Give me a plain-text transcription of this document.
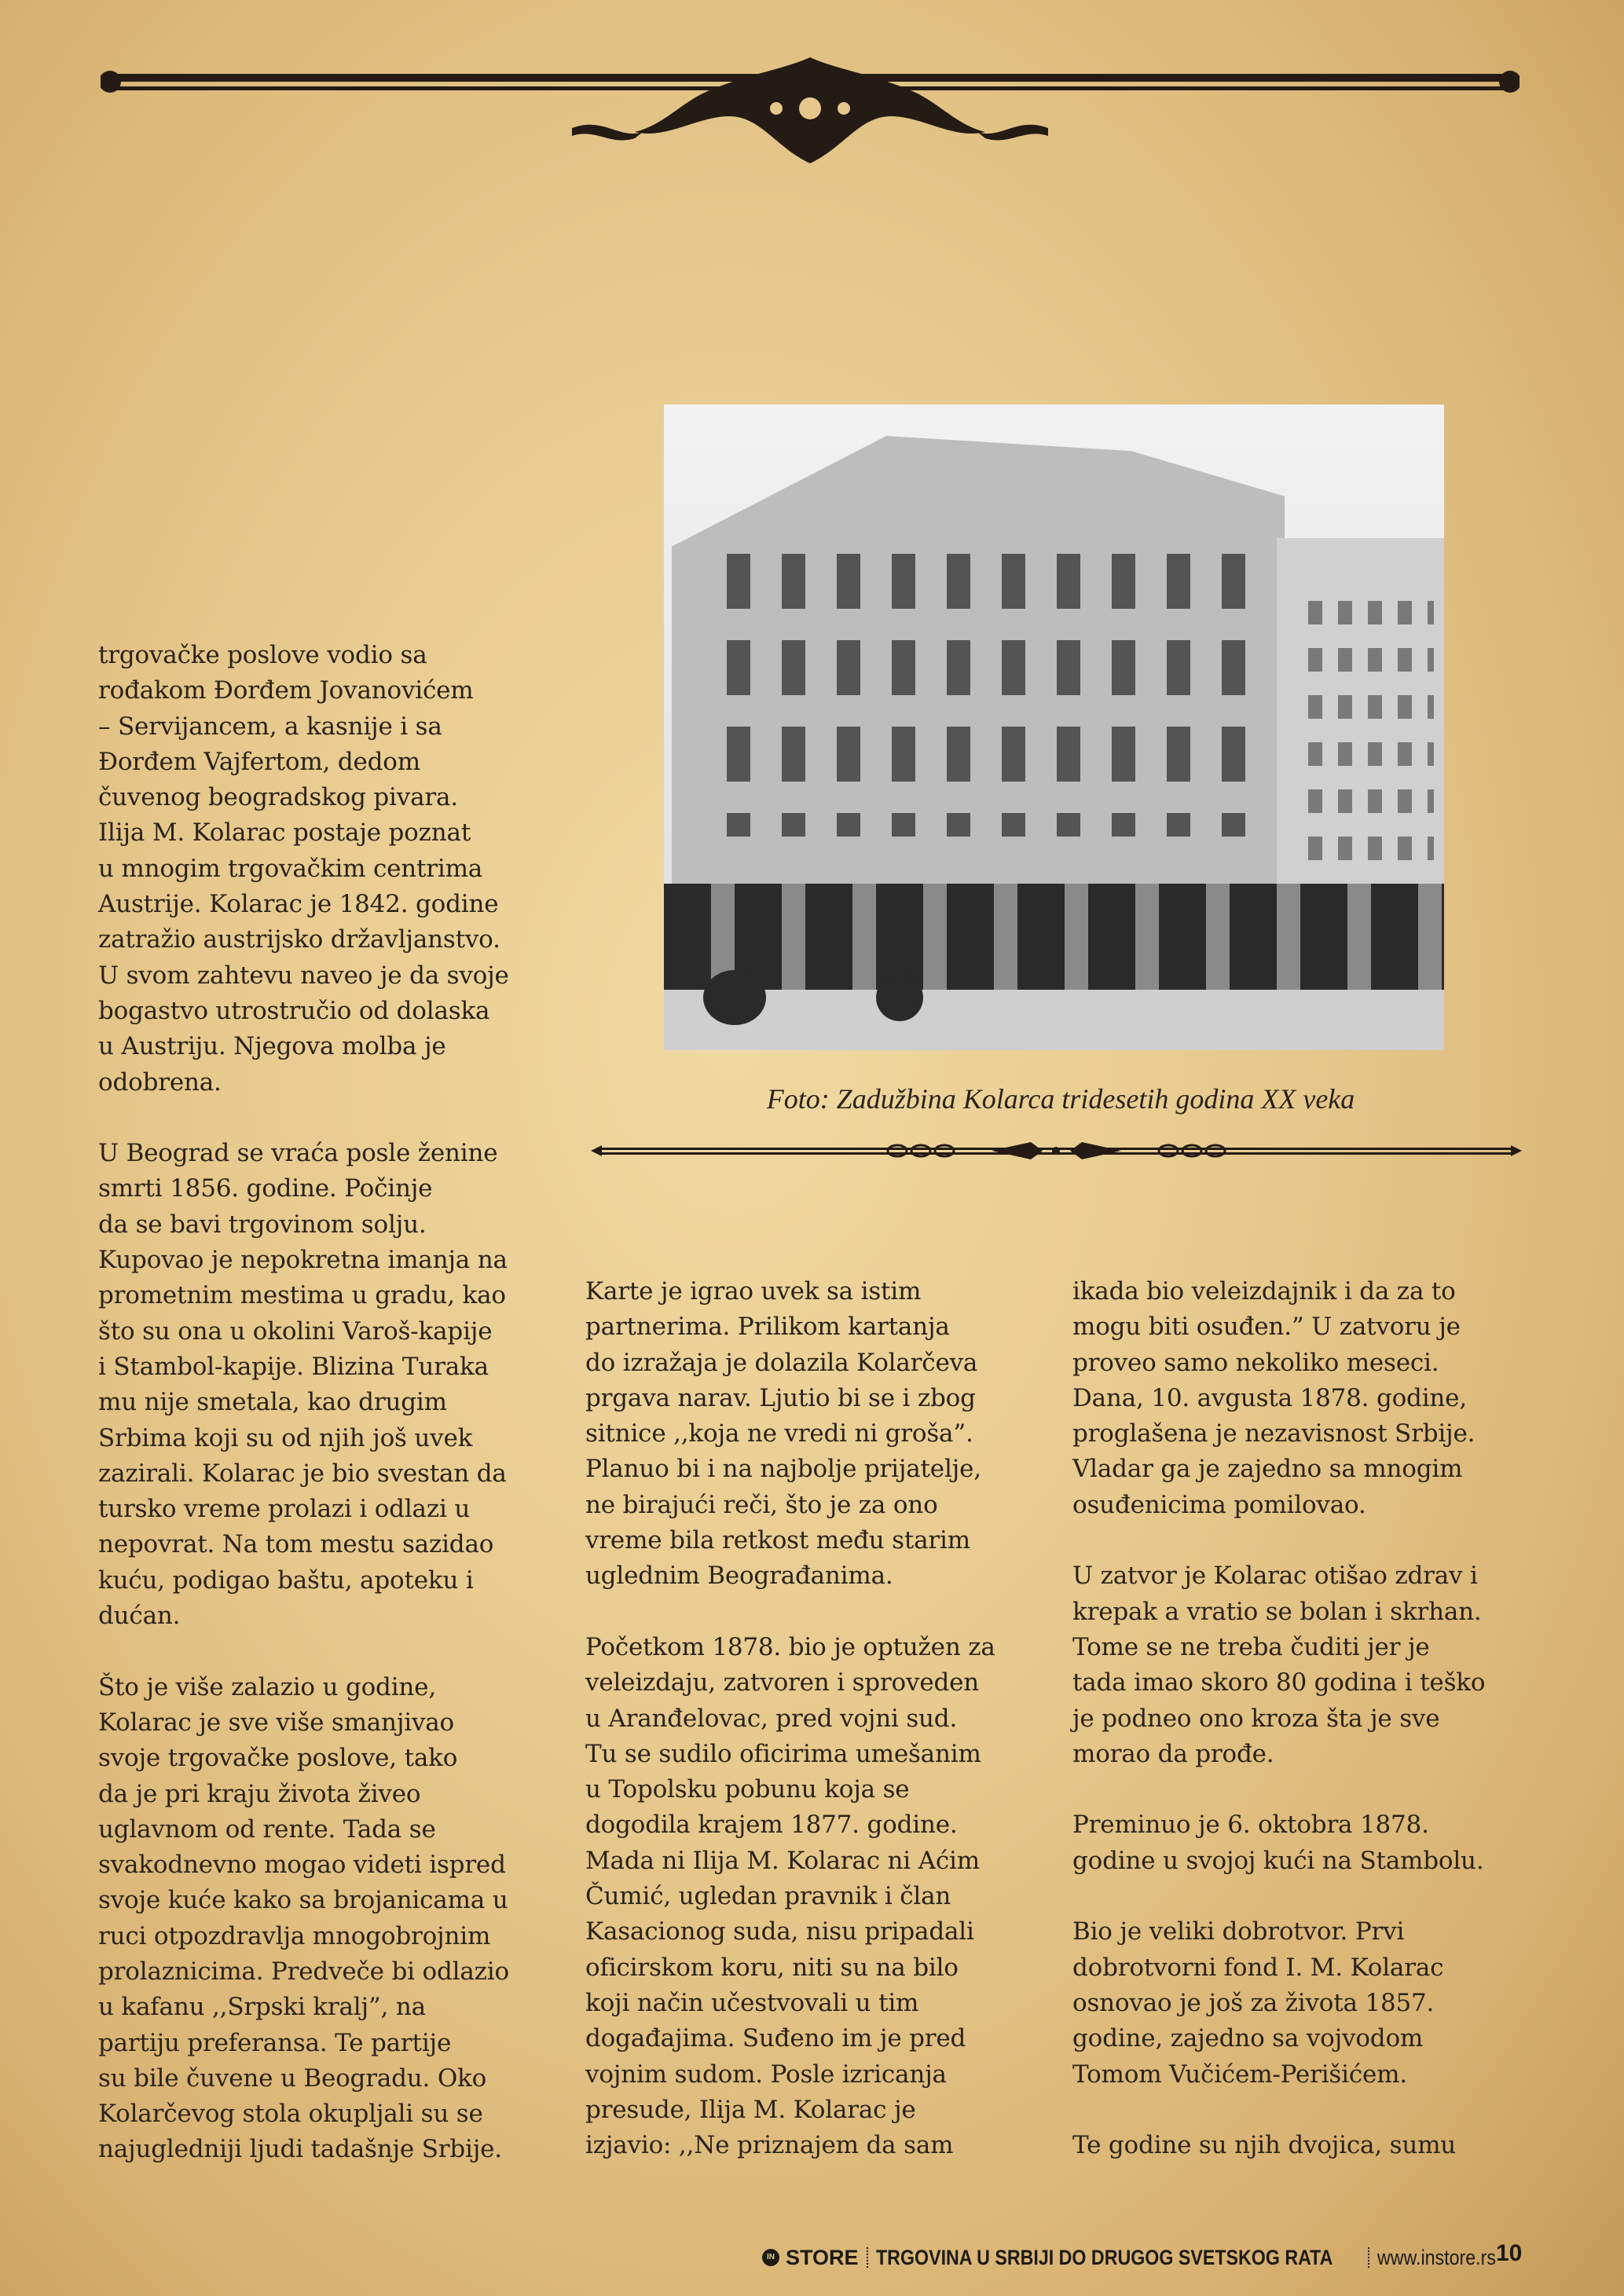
Foto: Zadužbina Kolarca tridesetih godina XX veka
trgovačke poslove vodio sa
rođakom Đorđem Jovanovićem
– Servijancem, a kasnije i sa
Đorđem Vajfertom, dedom
čuvenog beogradskog pivara.
Ilija M. Kolarac postaje poznat
u mnogim trgovačkim centrima
Austrije. Kolarac je 1842. godine
zatražio austrijsko državljanstvo.
U svom zahtevu naveo je da svoje
bogastvo utrostručio od dolaska
u Austriju. Njegova molba je
odobrena.
U Beograd se vraća posle ženine
smrti 1856. godine. Počinje
da se bavi trgovinom solju.
Kupovao je nepokretna imanja na
prometnim mestima u gradu, kao
što su ona u okolini Varoš-kapije
i Stambol-kapije. Blizina Turaka
mu nije smetala, kao drugim
Srbima koji su od njih još uvek
zazirali. Kolarac je bio svestan da
tursko vreme prolazi i odlazi u
nepovrat. Na tom mestu sazidao
kuću, podigao baštu, apoteku i
dućan.
Što je više zalazio u godine,
Kolarac je sve više smanjivao
svoje trgovačke poslove, tako
da je pri kraju života živeo
uglavnom od rente. Tada se
svakodnevno mogao videti ispred
svoje kuće kako sa brojanicama u
ruci otpozdravlja mnogobrojnim
prolaznicima. Predveče bi odlazio
u kafanu ,,Srpski kralj”, na
partiju preferansa. Te partije
su bile čuvene u Beogradu. Oko
Kolarčevog stola okupljali su se
najugledniji ljudi tadašnje Srbije.
Karte je igrao uvek sa istim
partnerima. Prilikom kartanja
do izražaja je dolazila Kolarčeva
prgava narav. Ljutio bi se i zbog
sitnice ,,koja ne vredi ni groša”.
Planuo bi i na najbolje prijatelje,
ne birajući reči, što je za ono
vreme bila retkost među starim
uglednim Beograđanima.
Početkom 1878. bio je optužen za
veleizdaju, zatvoren i sproveden
u Aranđelovac, pred vojni sud.
Tu se sudilo oficirima umešanim
u Topolsku pobunu koja se
dogodila krajem 1877. godine.
Mada ni Ilija M. Kolarac ni Aćim
Čumić, ugledan pravnik i član
Kasacionog suda, nisu pripadali
oficirskom koru, niti su na bilo
koji način učestvovali u tim
događajima. Suđeno im je pred
vojnim sudom. Posle izricanja
presude, Ilija M. Kolarac je
izjavio: ,,Ne priznajem da sam
ikada bio veleizdajnik i da za to
mogu biti osuđen.” U zatvoru je
proveo samo nekoliko meseci.
Dana, 10. avgusta 1878. godine,
proglašena je nezavisnost Srbije.
Vladar ga je zajedno sa mnogim
osuđenicima pomilovao.
U zatvor je Kolarac otišao zdrav i
krepak a vratio se bolan i skrhan.
Tome se ne treba čuditi jer je
tada imao skoro 80 godina i teško
je podneo ono kroza šta je sve
morao da prođe.
Preminuo je 6. oktobra 1878.
godine u svojoj kući na Stambolu.
Bio je veliki dobrotvor. Prvi
dobrotvorni fond I. M. Kolarac
osnovao je još za života 1857.
godine, zajedno sa vojvodom
Tomom Vučićem-Perišićem.
Te godine su njih dvojica, sumu
IN STORE TRGOVINA U SRBIJI DO DRUGOG SVETSKOG RATA www.instore.rs 10
